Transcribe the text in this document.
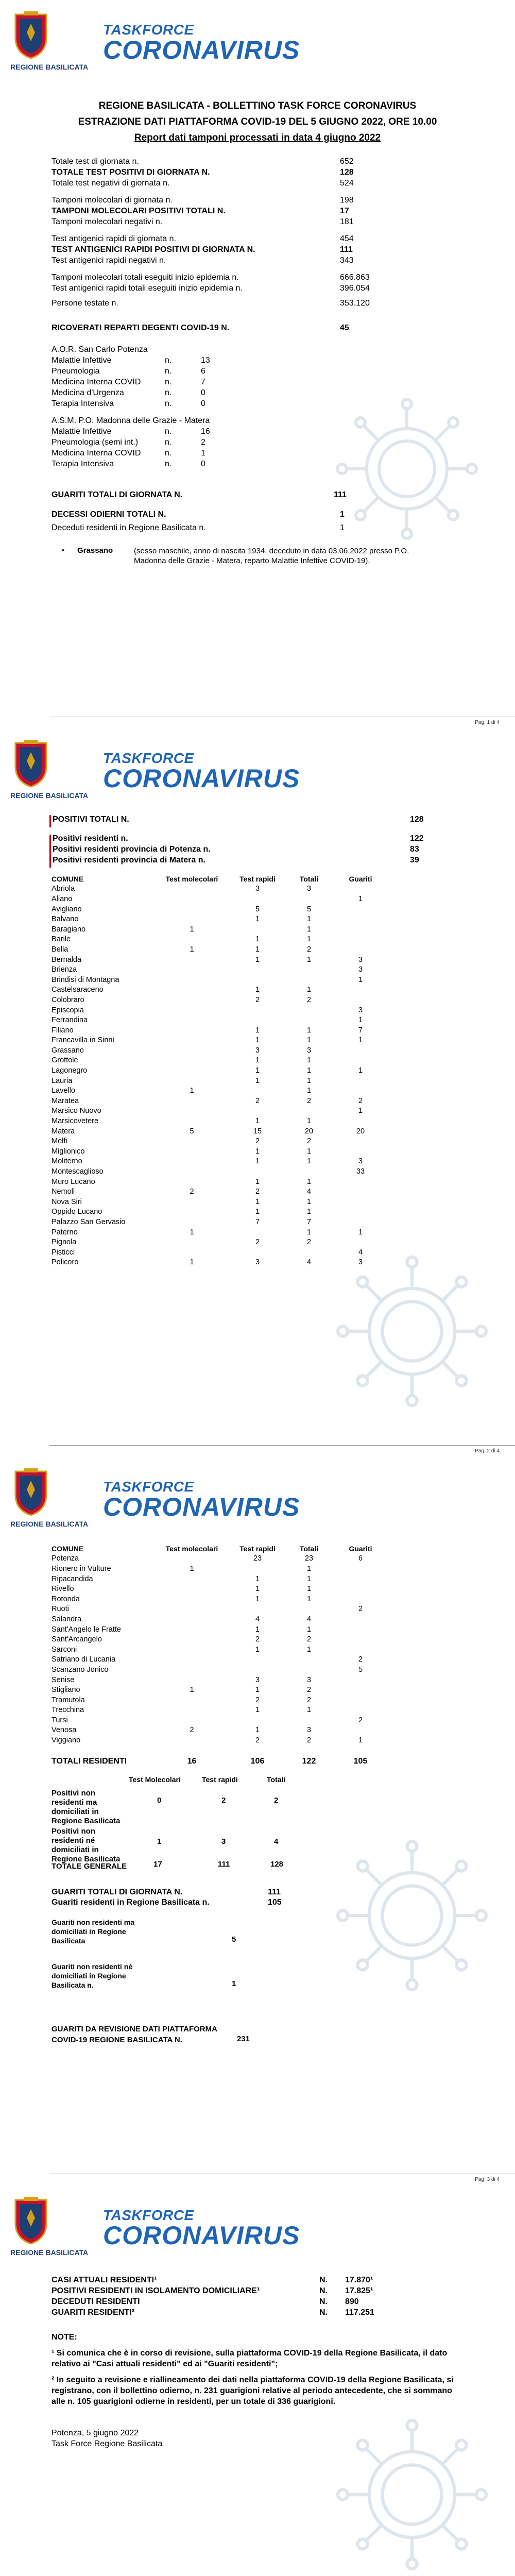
REGIONE BASILICATA
TASKFORCE
CORONAVIRUS
REGIONE BASILICATA - BOLLETTINO TASK FORCE CORONAVIRUS
ESTRAZIONE DATI PIATTAFORMA COVID-19 DEL 5 GIUGNO 2022, ORE 10.00
Report dati tamponi processati in data 4 giugno 2022
Totale test di giornata n.	652
TOTALE TEST POSITIVI DI GIORNATA N.	128
Totale test negativi di giornata n.	524
Tamponi molecolari di giornata n.	198
TAMPONI MOLECOLARI POSITIVI TOTALI N.	17
Tamponi molecolari negativi n.	181
Test antigenici rapidi di giornata n.	454
TEST ANTIGENICI RAPIDI POSITIVI DI GIORNATA N.	111
Test antigenici rapidi negativi n.	343
Tamponi molecolari totali eseguiti inizio epidemia n.	666.863
Test antigenici rapidi totali eseguiti inizio epidemia n.	396.054
Persone testate n.	353.120
RICOVERATI REPARTI DEGENTI COVID-19 N.	45
A.O.R. San Carlo Potenza
Malattie Infettive	n.	13
Pneumologia	n.	6
Medicina Interna COVID	n.	7
Medicina d'Urgenza	n.	0
Terapia Intensiva	n.	0
A.S.M. P.O. Madonna delle Grazie - Matera
Malattie Infettive	n.	16
Pneumologia (semi int.)	n.	2
Medicina Interna COVID	n.	1
Terapia Intensiva	n.	0
GUARITI TOTALI DI GIORNATA N.	111
DECESSI ODIERNI TOTALI N.	1
Deceduti residenti in Regione Basilicata n.	1
• Grassano	(sesso maschile, anno di nascita 1934, deceduto in data 03.06.2022 presso P.O. Madonna delle Grazie - Matera, reparto Malattie Infettive COVID-19).
Pag. 1 di 4
REGIONE BASILICATA
TASKFORCE
CORONAVIRUS
POSITIVI TOTALI N.	128
Positivi residenti n.	122
Positivi residenti provincia di Potenza n.	83
Positivi residenti provincia di Matera n.	39
COMUNE	Test molecolari	Test rapidi	Totali	Guariti
Abriola		3	3	
Aliano				1
Avigliano		5	5	
Balvano		1	1	
Baragiano	1		1	
Barile		1	1	
Bella	1	1	2	
Bernalda		1	1	3
Brienza				3
Brindisi di Montagna				1
Castelsaraceno		1	1	
Colobraro		2	2	
Episcopia				3
Ferrandina				1
Filiano		1	1	7
Francavilla in Sinni		1	1	1
Grassano		3	3	
Grottole		1	1	
Lagonegro		1	1	1
Lauria		1	1	
Lavello	1		1	
Maratea		2	2	2
Marsico Nuovo				1
Marsicovetere		1	1	
Matera	5	15	20	20
Melfi		2	2	
Miglionico		1	1	
Moliterno		1	1	3
Montescaglioso				33
Muro Lucano		1	1	
Nemoli	2	2	4	
Nova Siri		1	1	
Oppido Lucano		1	1	
Palazzo San Gervasio		7	7	
Paterno	1		1	1
Pignola		2	2	
Pisticci				4
Policoro	1	3	4	3
Pag. 2 di 4
REGIONE BASILICATA
TASKFORCE
CORONAVIRUS
COMUNE	Test molecolari	Test rapidi	Totali	Guariti
Potenza		23	23	6
Rionero in Vulture	1		1	
Ripacandida		1	1	
Rivello		1	1	
Rotonda		1	1	
Ruoti				2
Salandra		4	4	
Sant'Angelo le Fratte		1	1	
Sant'Arcangelo		2	2	
Sarconi		1	1	
Satriano di Lucania				2
Scanzano Jonico				5
Senise		3	3	
Stigliano	1	1	2	
Tramutola		2	2	
Trecchina		1	1	
Tursi				2
Venosa	2	1	3	
Viggiano		2	2	1
TOTALI RESIDENTI	16	106	122	105
Test Molecolari	Test rapidi	Totali
Positivi non residenti ma domiciliati in Regione Basilicata
0	2	2
Positivi non residenti né domiciliati in Regione Basilicata
1	3	4
TOTALE GENERALE	17	111	128
GUARITI TOTALI DI GIORNATA N.	111
Guariti residenti in Regione Basilicata n.	105
Guariti non residenti ma domiciliati in Regione Basilicata	5
Guariti non residenti né domiciliati in Regione Basilicata n.	1
GUARITI DA REVISIONE DATI PIATTAFORMA COVID-19 REGIONE BASILICATA N.	231
Pag. 3 di 4
REGIONE BASILICATA
TASKFORCE
CORONAVIRUS
CASI ATTUALI RESIDENTI¹	N. 17.870¹
POSITIVI RESIDENTI IN ISOLAMENTO DOMICILIARE¹	N. 17.825¹
DECEDUTI RESIDENTI	N. 890
GUARITI RESIDENTI²	N. 117.251
NOTE:

¹ Si comunica che è in corso di revisione, sulla piattaforma COVID-19 della Regione Basilicata, il dato relativo ai "Casi attuali residenti" ed ai "Guariti residenti";

² In seguito a revisione e riallineamento dei dati nella piattaforma COVID-19 della Regione Basilicata, si registrano, con il bollettino odierno, n. 231 guarigioni relative al periodo antecedente, che si sommano alle n. 105 guarigioni odierne in residenti, per un totale di 336 guarigioni.

Potenza, 5 giugno 2022
Task Force Regione Basilicata
